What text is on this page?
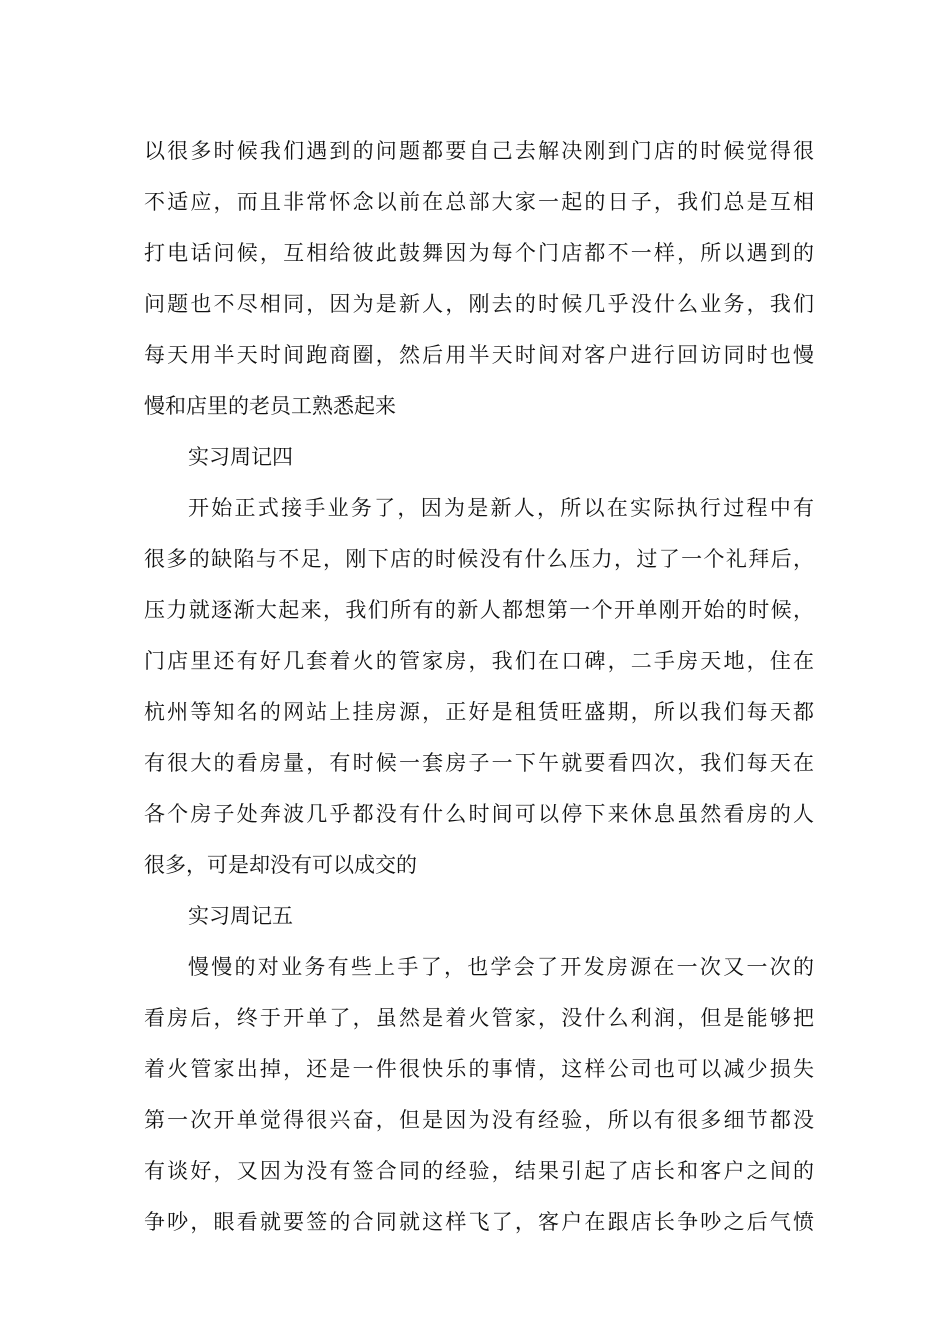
以很多时候我们遇到的问题都要自己去解决刚到门店的时候觉得很
不适应，而且非常怀念以前在总部大家一起的日子，我们总是互相
打电话问候，互相给彼此鼓舞因为每个门店都不一样，所以遇到的
问题也不尽相同，因为是新人，刚去的时候几乎没什么业务，我们
每天用半天时间跑商圈，然后用半天时间对客户进行回访同时也慢
慢和店里的老员工熟悉起来
实习周记四
开始正式接手业务了，因为是新人，所以在实际执行过程中有
很多的缺陷与不足，刚下店的时候没有什么压力，过了一个礼拜后，
压力就逐渐大起来，我们所有的新人都想第一个开单刚开始的时候，
门店里还有好几套着火的管家房，我们在口碑，二手房天地，住在
杭州等知名的网站上挂房源，正好是租赁旺盛期，所以我们每天都
有很大的看房量，有时候一套房子一下午就要看四次，我们每天在
各个房子处奔波几乎都没有什么时间可以停下来休息虽然看房的人
很多，可是却没有可以成交的
实习周记五
慢慢的对业务有些上手了，也学会了开发房源在一次又一次的
看房后，终于开单了，虽然是着火管家，没什么利润，但是能够把
着火管家出掉，还是一件很快乐的事情，这样公司也可以减少损失
第一次开单觉得很兴奋，但是因为没有经验，所以有很多细节都没
有谈好，又因为没有签合同的经验，结果引起了店长和客户之间的
争吵，眼看就要签的合同就这样飞了，客户在跟店长争吵之后气愤
